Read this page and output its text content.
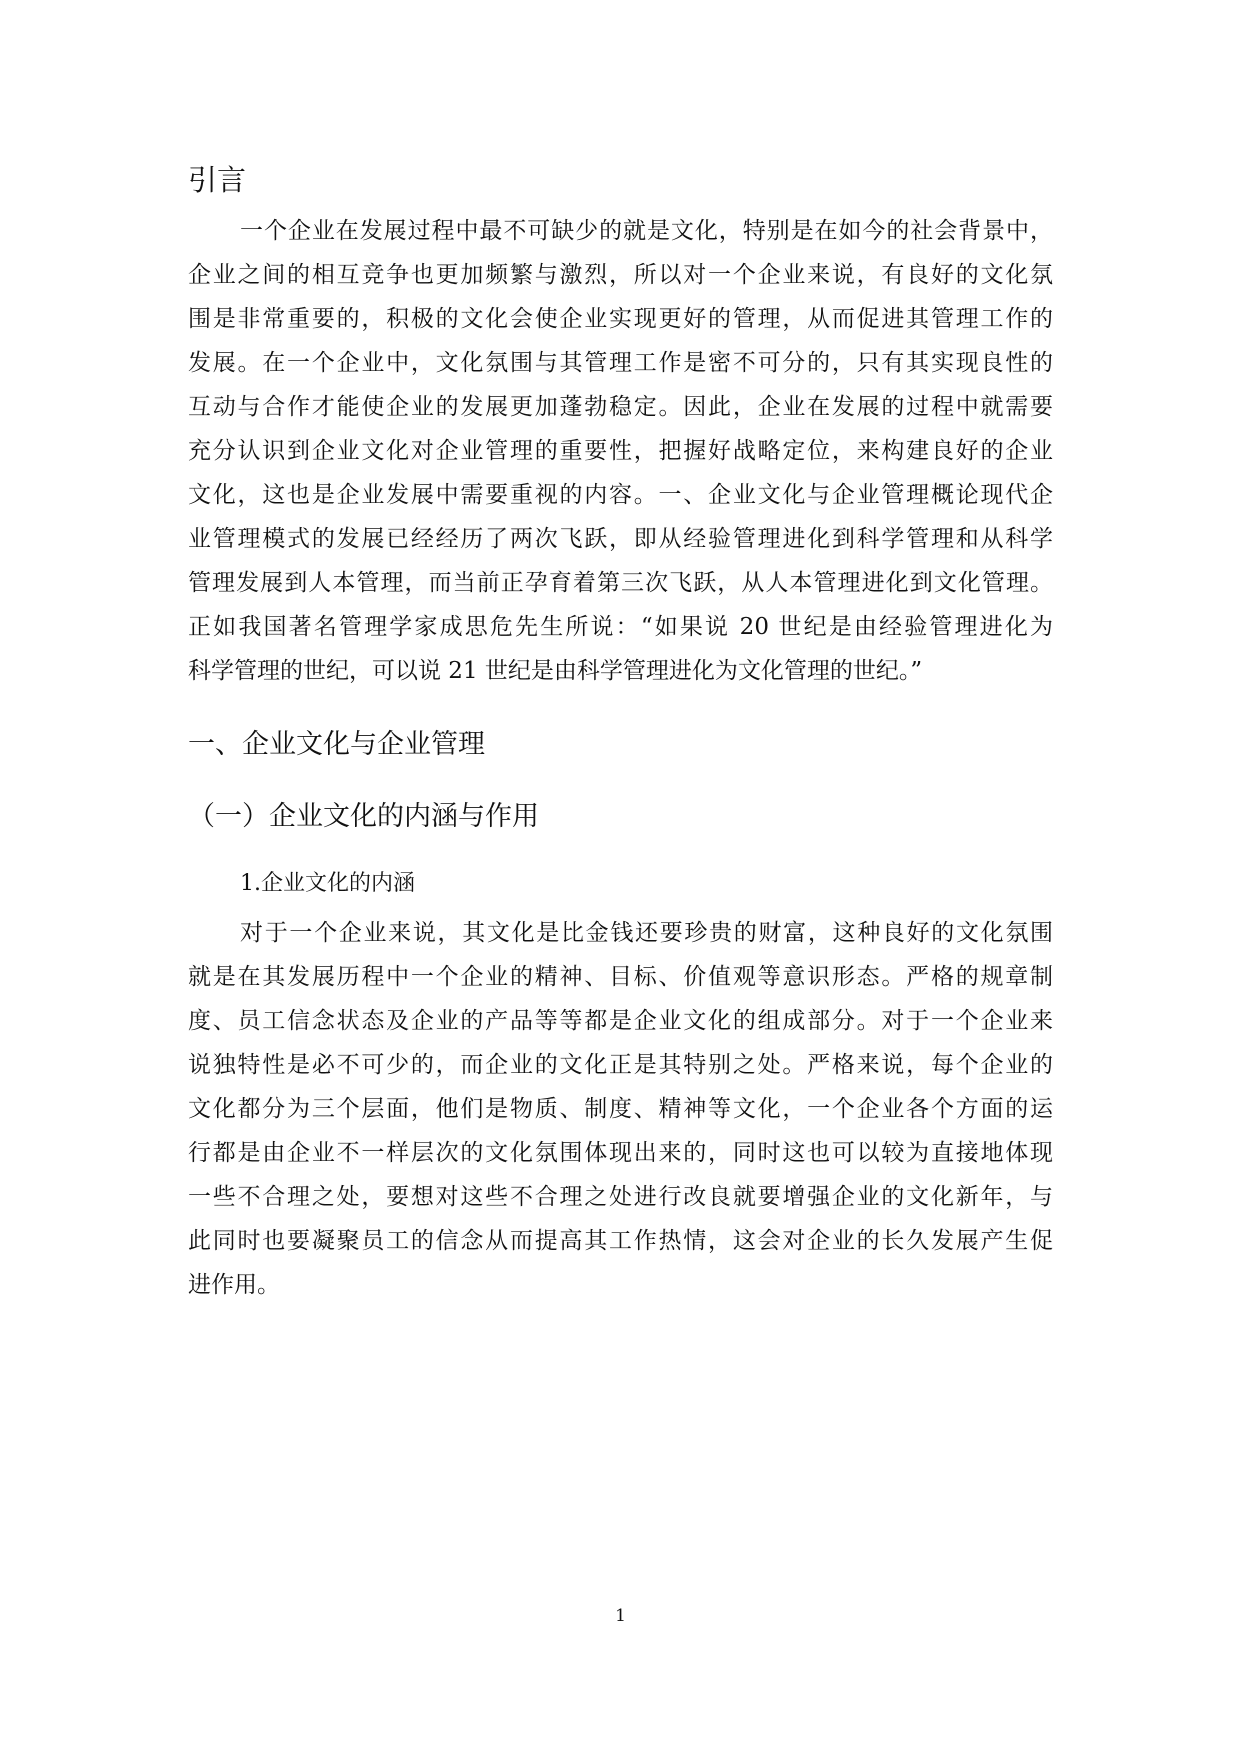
引言
一个企业在发展过程中最不可缺少的就是文化，特别是在如今的社会背景中，
企业之间的相互竞争也更加频繁与激烈，所以对一个企业来说，有良好的文化氛
围是非常重要的，积极的文化会使企业实现更好的管理，从而促进其管理工作的
发展。在一个企业中，文化氛围与其管理工作是密不可分的，只有其实现良性的
互动与合作才能使企业的发展更加蓬勃稳定。因此，企业在发展的过程中就需要
充分认识到企业文化对企业管理的重要性，把握好战略定位，来构建良好的企业
文化，这也是企业发展中需要重视的内容。一、企业文化与企业管理概论现代企
业管理模式的发展已经经历了两次飞跃，即从经验管理进化到科学管理和从科学
管理发展到人本管理，而当前正孕育着第三次飞跃，从人本管理进化到文化管理。
正如我国著名管理学家成思危先生所说：“如果说 20 世纪是由经验管理进化为
科学管理的世纪，可以说 21 世纪是由科学管理进化为文化管理的世纪。”
一、企业文化与企业管理
（一）企业文化的内涵与作用
1.企业文化的内涵
对于一个企业来说，其文化是比金钱还要珍贵的财富，这种良好的文化氛围
就是在其发展历程中一个企业的精神、目标、价值观等意识形态。严格的规章制
度、员工信念状态及企业的产品等等都是企业文化的组成部分。对于一个企业来
说独特性是必不可少的，而企业的文化正是其特别之处。严格来说，每个企业的
文化都分为三个层面，他们是物质、制度、精神等文化，一个企业各个方面的运
行都是由企业不一样层次的文化氛围体现出来的，同时这也可以较为直接地体现
一些不合理之处，要想对这些不合理之处进行改良就要增强企业的文化新年，与
此同时也要凝聚员工的信念从而提高其工作热情，这会对企业的长久发展产生促
进作用。
1
